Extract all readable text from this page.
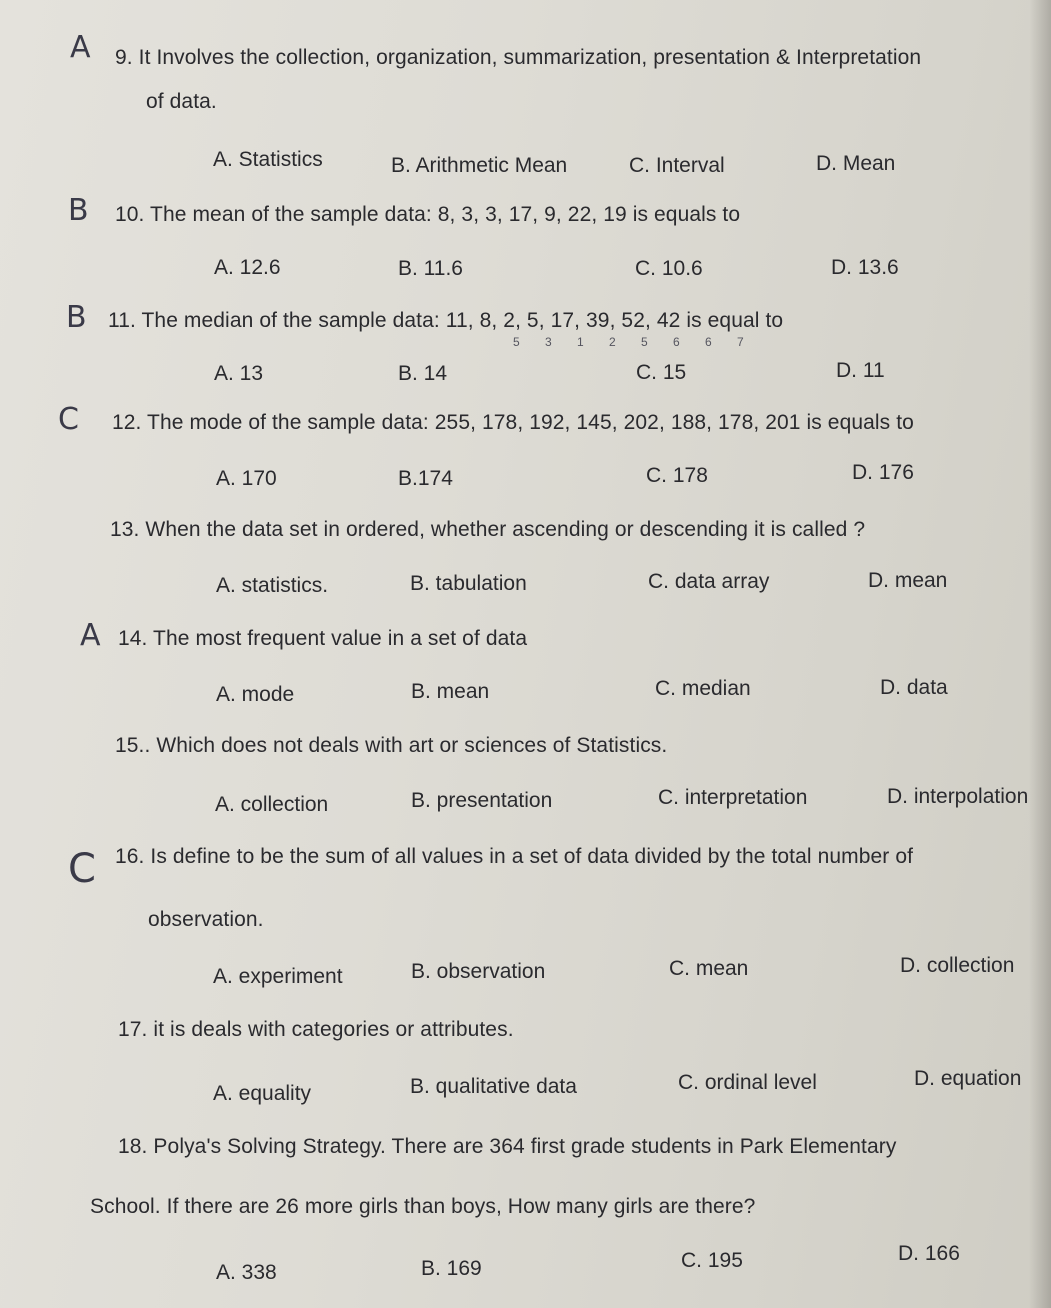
A
B
B
C
A
C
9. It Involves the collection, organization, summarization, presentation & Interpretation
of data.
A. Statistics	B. Arithmetic Mean	C. Interval	D. Mean
10. The mean of the sample data: 8, 3, 3, 17, 9, 22, 19 is equals to
A. 12.6	B. 11.6	C. 10.6	D. 13.6
11. The median of the sample data: 11, 8, 2, 5, 17, 39, 52, 42 is equal to
5 3 1 2 5 6 6 7
A. 13	B. 14	C. 15	D. 11
12. The mode of the sample data: 255, 178, 192, 145, 202, 188, 178, 201 is equals to
A. 170	B.174	C. 178	D. 176
13. When the data set in ordered, whether ascending or descending it is called ?
A. statistics.	B. tabulation	C. data array	D. mean
14. The most frequent value in a set of data
A. mode	B. mean	C. median	D. data
15.. Which does not deals with art or sciences of Statistics.
A. collection	B. presentation	C. interpretation	D. interpolation
16. Is define to be the sum of all values in a set of data divided by the total number of
observation.
A. experiment	B. observation	C. mean	D. collection
17. it is deals with categories or attributes.
A. equality	B. qualitative data	C. ordinal level	D. equation
18. Polya's Solving Strategy. There are 364 first grade students in Park Elementary
School. If there are 26 more girls than boys, How many girls are there?
A. 338	B. 169	C. 195	D. 166
